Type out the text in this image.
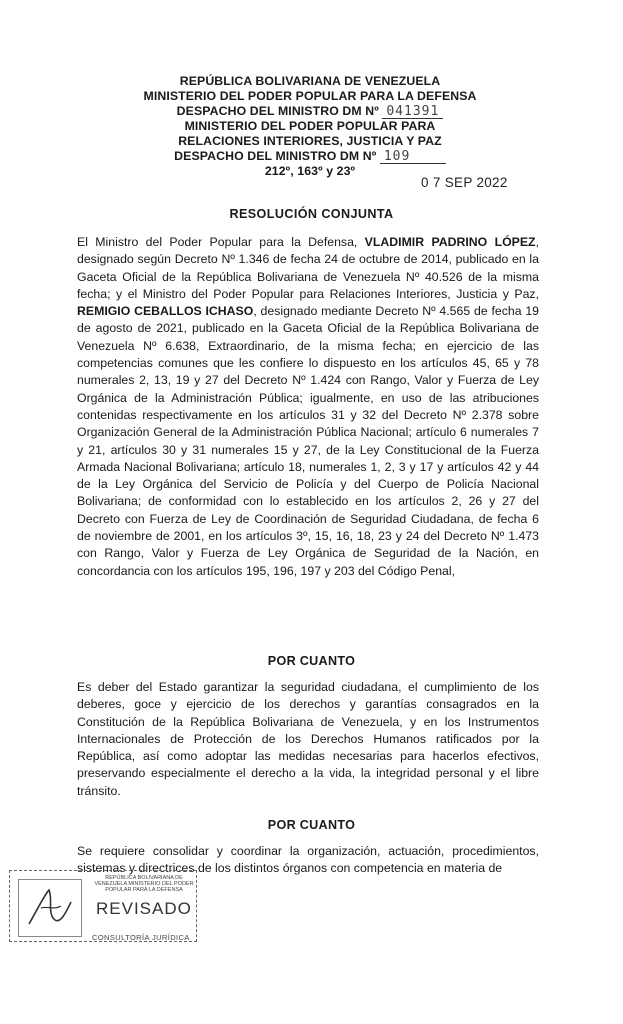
REPÚBLICA BOLIVARIANA DE VENEZUELA
MINISTERIO DEL PODER POPULAR PARA LA DEFENSA
DESPACHO DEL MINISTRO DM Nº 041391
MINISTERIO DEL PODER POPULAR PARA
RELACIONES INTERIORES, JUSTICIA Y PAZ
DESPACHO DEL MINISTRO DM Nº 109
212º, 163º y 23º
0 7 SEP 2022
RESOLUCIÓN CONJUNTA
El Ministro del Poder Popular para la Defensa, VLADIMIR PADRINO LÓPEZ, designado según Decreto Nº 1.346 de fecha 24 de octubre de 2014, publicado en la Gaceta Oficial de la República Bolivariana de Venezuela Nº 40.526 de la misma fecha; y el Ministro del Poder Popular para Relaciones Interiores, Justicia y Paz, REMIGIO CEBALLOS ICHASO, designado mediante Decreto Nº 4.565 de fecha 19 de agosto de 2021, publicado en la Gaceta Oficial de la República Bolivariana de Venezuela Nº 6.638, Extraordinario, de la misma fecha; en ejercicio de las competencias comunes que les confiere lo dispuesto en los artículos 45, 65 y 78 numerales 2, 13, 19 y 27 del Decreto Nº 1.424 con Rango, Valor y Fuerza de Ley Orgánica de la Administración Pública; igualmente, en uso de las atribuciones contenidas respectivamente en los artículos 31 y 32 del Decreto Nº 2.378 sobre Organización General de la Administración Pública Nacional; artículo 6 numerales 7 y 21, artículos 30 y 31 numerales 15 y 27, de la Ley Constitucional de la Fuerza Armada Nacional Bolivariana; artículo 18, numerales 1, 2, 3 y 17 y artículos 42 y 44 de la Ley Orgánica del Servicio de Policía y del Cuerpo de Policía Nacional Bolivariana; de conformidad con lo establecido en los artículos 2, 26 y 27 del Decreto con Fuerza de Ley de Coordinación de Seguridad Ciudadana, de fecha 6 de noviembre de 2001, en los artículos 3º, 15, 16, 18, 23 y 24 del Decreto Nº 1.473 con Rango, Valor y Fuerza de Ley Orgánica de Seguridad de la Nación, en concordancia con los artículos 195, 196, 197 y 203 del Código Penal,
POR CUANTO
Es deber del Estado garantizar la seguridad ciudadana, el cumplimiento de los deberes, goce y ejercicio de los derechos y garantías consagrados en la Constitución de la República Bolivariana de Venezuela, y en los Instrumentos Internacionales de Protección de los Derechos Humanos ratificados por la República, así como adoptar las medidas necesarias para hacerlos efectivos, preservando especialmente el derecho a la vida, la integridad personal y el libre tránsito.
POR CUANTO
Se requiere consolidar y coordinar la organización, actuación, procedimientos, sistemas y directrices de los distintos órganos con competencia en materia de
REPÚBLICA BOLIVARIANA DE VENEZUELA MINISTERIO DEL PODER POPULAR PARA LA DEFENSA
REVISADO
CONSULTORÍA JURÍDICA
